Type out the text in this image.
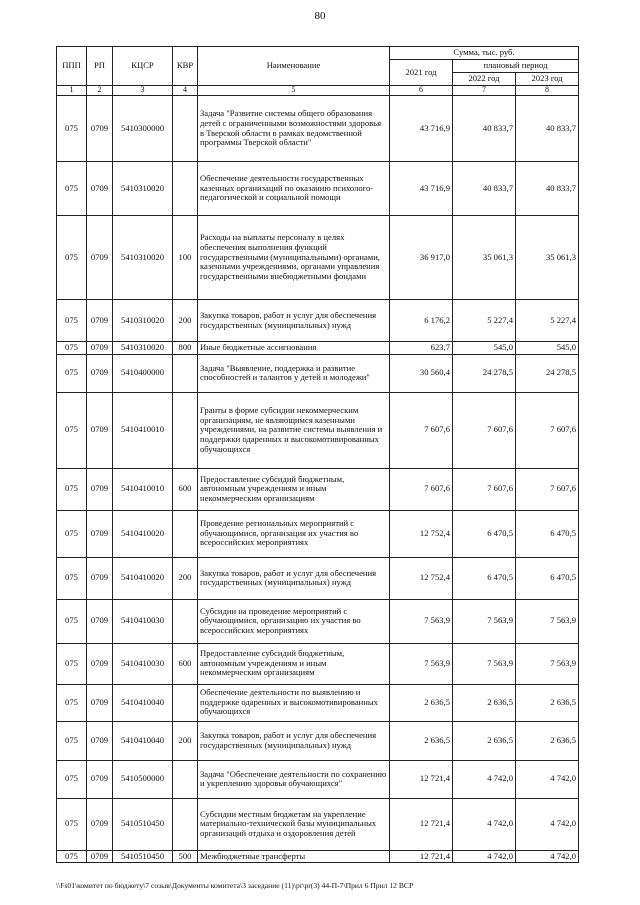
80
ППП	РП	КЦСР	КВР	Наименование	Сумма, тыс. руб.		
					2021 год	плановый период	
						2022 год	2023 год
1	2	3	4	5	6	7	8
075	0709	5410300000		Задача "Развитие системы общего образования детей с ограниченными возможностями здоровья в Тверской области в рамках ведомственной программы Тверской области"	43 716,9	40 833,7	40 833,7
075	0709	5410310020		Обеспечение деятельности государственных казенных организаций по оказанию психолого-педагогической и социальной помощи	43 716,9	40 833,7	40 833,7
075	0709	5410310020	100	Расходы на выплаты персоналу в целях обеспечения выполнения функций государственными (муниципальными) органами, казенными учреждениями, органами управления государственными внебюджетными фондами	36 917,0	35 061,3	35 061,3
075	0709	5410310020	200	Закупка товаров, работ и услуг для обеспечения государственных (муниципальных) нужд	6 176,2	5 227,4	5 227,4
075	0709	5410310020	800	Иные бюджетные ассигнования	623,7	545,0	545,0
075	0709	5410400000		Задача "Выявление, поддержка и развитие способностей и талантов у детей и молодежи"	30 560,4	24 278,5	24 278,5
075	0709	5410410010		Гранты в форме субсидии некоммерческим организациям, не являющимся казенными учреждениями, на развитие системы выявления и поддержки одаренных и высокомотивированных обучающихся	7 607,6	7 607,6	7 607,6
075	0709	5410410010	600	Предоставление субсидий бюджетным, автономным учреждениям и иным некоммерческим организациям	7 607,6	7 607,6	7 607,6
075	0709	5410410020		Проведение региональных мероприятий с обучающимися, организация их участия во всероссийских мероприятиях	12 752,4	6 470,5	6 470,5
075	0709	5410410020	200	Закупка товаров, работ и услуг для обеспечения государственных (муниципальных) нужд	12 752,4	6 470,5	6 470,5
075	0709	5410410030		Субсидии на проведение мероприятий с обучающимися, организацию их участия во всероссийских мероприятиях	7 563,9	7 563,9	7 563,9
075	0709	5410410030	600	Предоставление субсидий бюджетным, автономным учреждениям и иным некоммерческим организациям	7 563,9	7 563,9	7 563,9
075	0709	5410410040		Обеспечение деятельности по выявлению и поддержке одаренных и высокомотивированных обучающихся	2 636,5	2 636,5	2 636,5
075	0709	5410410040	200	Закупка товаров, работ и услуг для обеспечения государственных (муниципальных) нужд	2 636,5	2 636,5	2 636,5
075	0709	5410500000		Задача "Обеспечение деятельности по сохранению и укреплению здоровья обучающихся"	12 721,4	4 742,0	4 742,0
075	0709	5410510450		Субсидии местным бюджетам на укрепление материально-технической базы муниципальных организаций отдыха и оздоровления детей	12 721,4	4 742,0	4 742,0
075	0709	5410510450	500	Межбюджетные трансферты	12 721,4	4 742,0	4 742,0
\\Fs01\комитет по бюджету\7 созыв\Документы комитета\3 заседание (11)\pr\pr(3) 44-П-7\Прил 6 Прил 12 ВСР
